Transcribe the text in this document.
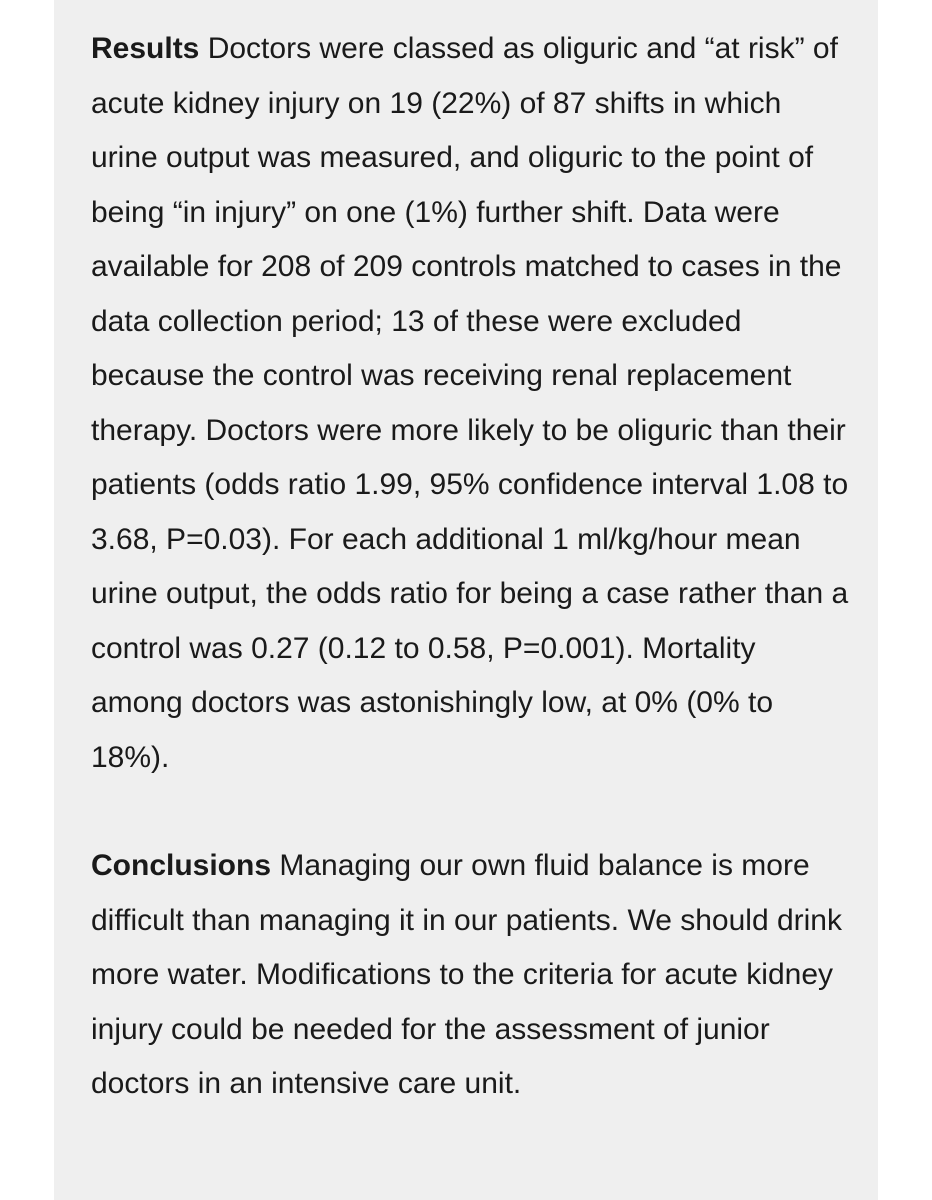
Results Doctors were classed as oliguric and “at risk” of acute kidney injury on 19 (22%) of 87 shifts in which urine output was measured, and oliguric to the point of being “in injury” on one (1%) further shift. Data were available for 208 of 209 controls matched to cases in the data collection period; 13 of these were excluded because the control was receiving renal replacement therapy. Doctors were more likely to be oliguric than their patients (odds ratio 1.99, 95% confidence interval 1.08 to 3.68, P=0.03). For each additional 1 ml/kg/hour mean urine output, the odds ratio for being a case rather than a control was 0.27 (0.12 to 0.58, P=0.001). Mortality among doctors was astonishingly low, at 0% (0% to 18%).

Conclusions Managing our own fluid balance is more difficult than managing it in our patients. We should drink more water. Modifications to the criteria for acute kidney injury could be needed for the assessment of junior doctors in an intensive care unit.
